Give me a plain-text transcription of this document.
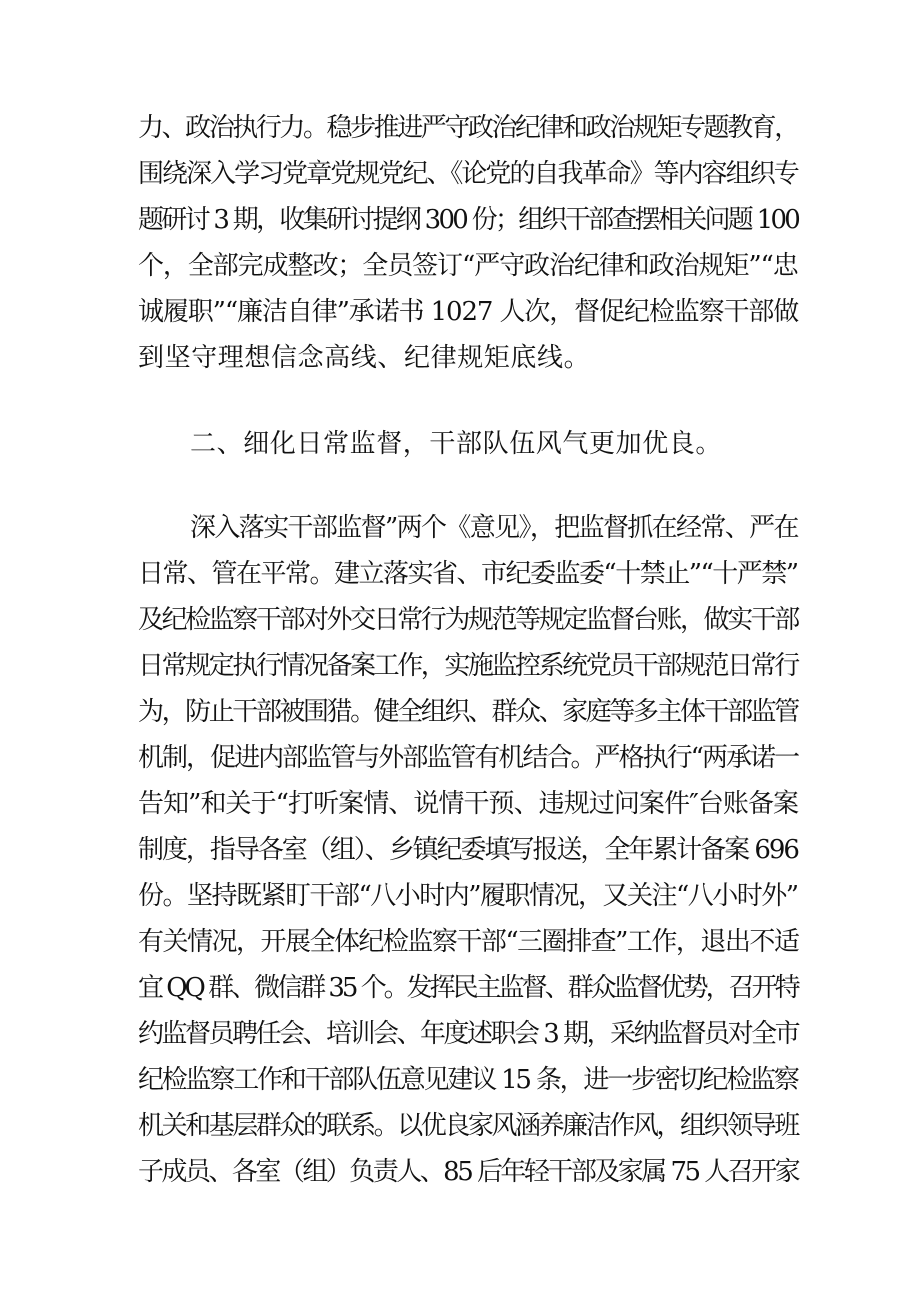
力、政治执行力。稳步推进严守政治纪律和政治规矩专题教育，
围绕深入学习党章党规党纪、《论党的自我革命》等内容组织专
题研讨 3 期，收集研讨提纲 300 份；组织干部查摆相关问题 100
个，全部完成整改；全员签订“严守政治纪律和政治规矩”“忠
诚履职”“廉洁自律”承诺书 1027 人次，督促纪检监察干部做
到坚守理想信念高线、纪律规矩底线。
二、细化日常监督，干部队伍风气更加优良。
深入落实干部监督”两个《意见》，把监督抓在经常、严在
日常、管在平常。建立落实省、市纪委监委“十禁止”“十严禁”
及纪检监察干部对外交日常行为规范等规定监督台账，做实干部
日常规定执行情况备案工作，实施监控系统党员干部规范日常行
为，防止干部被围猎。健全组织、群众、家庭等多主体干部监管
机制，促进内部监管与外部监管有机结合。严格执行“两承诺一
告知”和关于“打听案情、说情干预、违规过问案件″台账备案
制度，指导各室（组）、乡镇纪委填写报送，全年累计备案 696
份。坚持既紧盯干部“八小时内”履职情况，又关注“八小时外”
有关情况，开展全体纪检监察干部“三圈排查”工作，退出不适
宜 QQ 群、微信群 35 个。发挥民主监督、群众监督优势，召开特
约监督员聘任会、培训会、年度述职会 3 期，采纳监督员对全市
纪检监察工作和干部队伍意见建议 15 条，进一步密切纪检监察
机关和基层群众的联系。以优良家风涵养廉洁作风，组织领导班
子成员、各室（组）负责人、85 后年轻干部及家属 75 人召开家
